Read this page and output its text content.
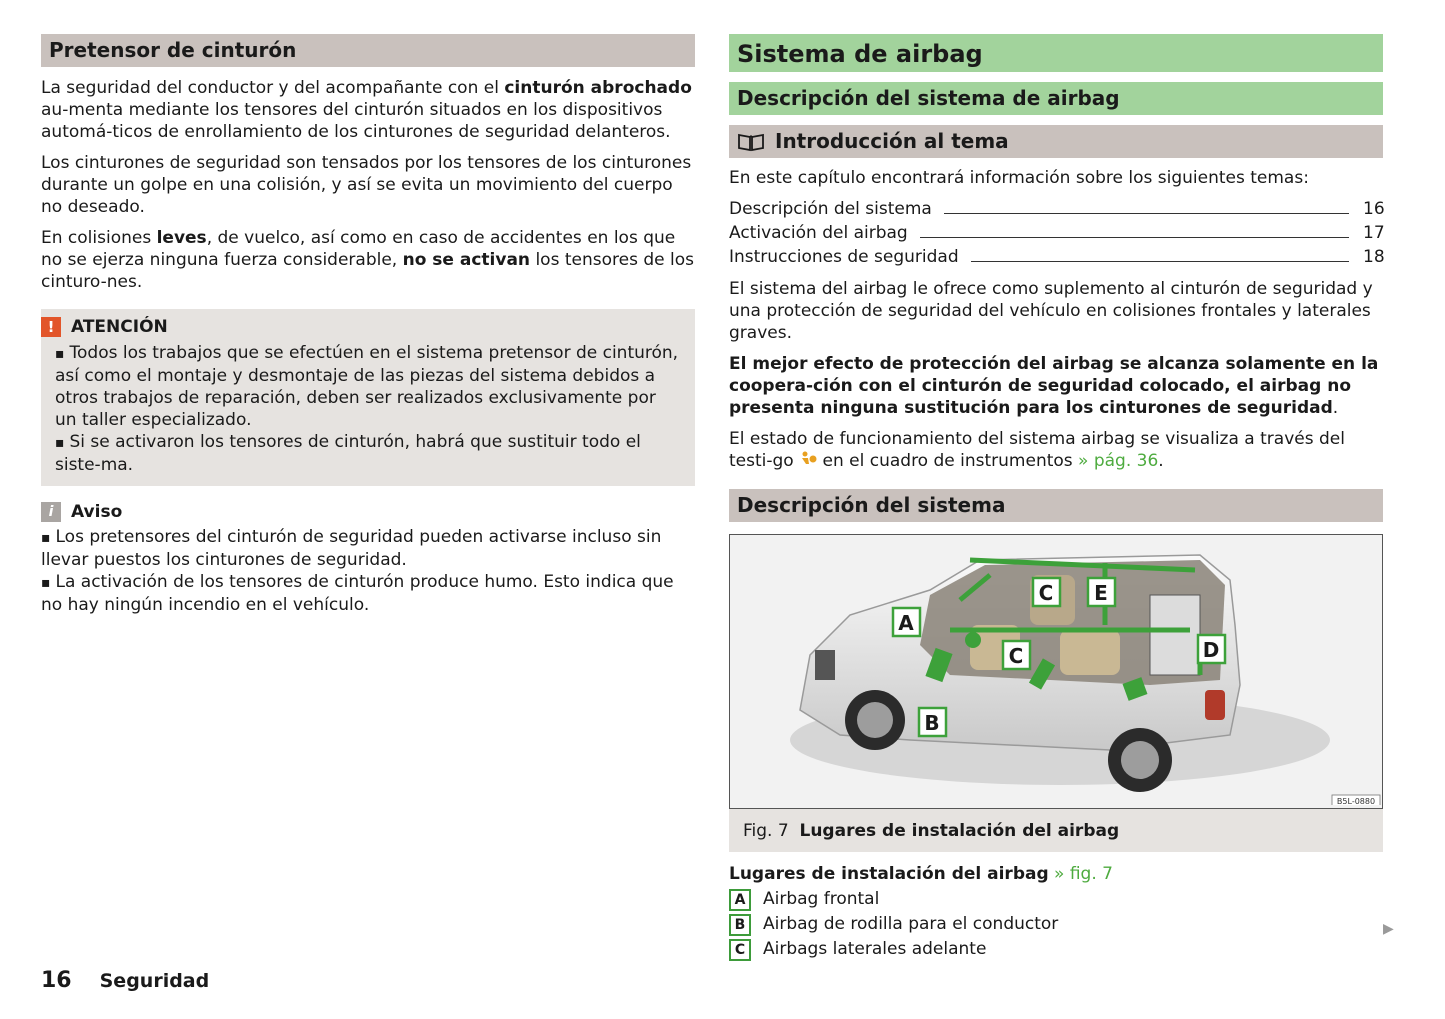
Pretensor de cinturón

La seguridad del conductor y del acompañante con el cinturón abrochado au-menta mediante los tensores del cinturón situados en los dispositivos automá-ticos de enrollamiento de los cinturones de seguridad delanteros.

Los cinturones de seguridad son tensados por los tensores de los cinturones durante un golpe en una colisión, y así se evita un movimiento del cuerpo no deseado.

En colisiones leves, de vuelco, así como en caso de accidentes en los que no se ejerza ninguna fuerza considerable, no se activan los tensores de los cinturo-nes.

! ATENCIÓN

▪ Todos los trabajos que se efectúen en el sistema pretensor de cinturón, así como el montaje y desmontaje de las piezas del sistema debidos a otros trabajos de reparación, deben ser realizados exclusivamente por un taller especializado.

▪ Si se activaron los tensores de cinturón, habrá que sustituir todo el siste-ma.

i	Aviso

▪ Los pretensores del cinturón de seguridad pueden activarse incluso sin llevar puestos los cinturones de seguridad.

▪ La activación de los tensores de cinturón produce humo. Esto indica que no hay ningún incendio en el vehículo.

Sistema de airbag
Descripción del sistema de airbag
Introducción al tema

En este capítulo encontrará información sobre los siguientes temas:

Descripción del sistema	16
Activación del airbag	17
Instrucciones de seguridad	18

El sistema del airbag le ofrece como suplemento al cinturón de seguridad y una protección de seguridad del vehículo en colisiones frontales y laterales graves.

El mejor efecto de protección del airbag se alcanza solamente en la coopera-ción con el cinturón de seguridad colocado, el airbag no presenta ninguna sustitución para los cinturones de seguridad.

El estado de funcionamiento del sistema airbag se visualiza a través del testi-go  en el cuadro de instrumentos » pág. 36.

Descripción del sistema
A
B
C
C	D
E
B5L-0880
Fig. 7 Lugares de instalación del airbag

Lugares de instalación del airbag » fig. 7

A	Airbag frontal
B	Airbag de rodilla para el conductor
C	Airbags laterales adelante
▶
16 Seguridad
